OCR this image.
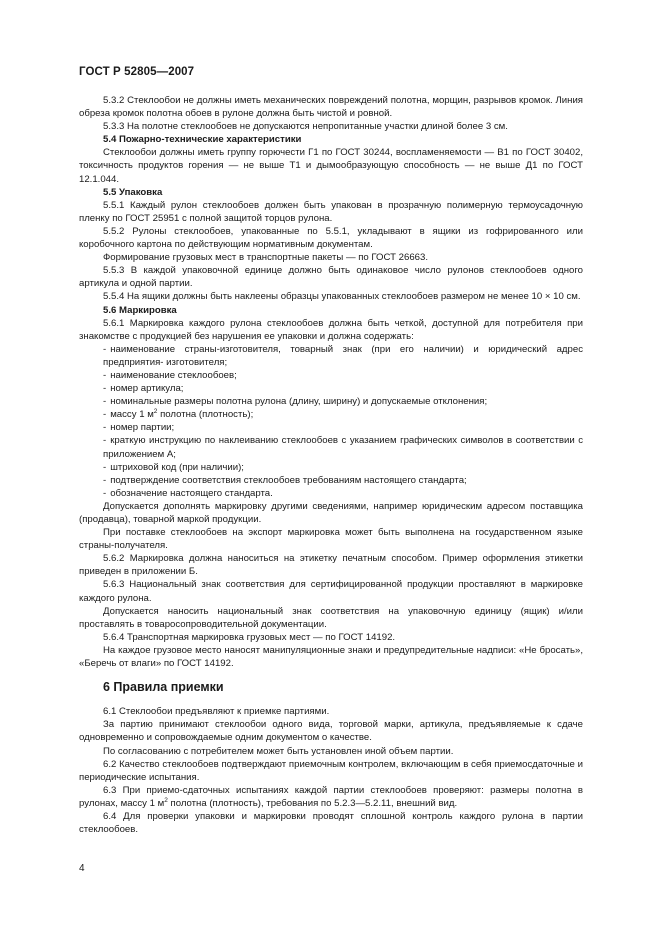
ГОСТ Р 52805—2007

5.3.2 Стеклообои не должны иметь механических повреждений полотна, морщин, разрывов кромок. Линия обреза кромок полотна обоев в рулоне должна быть чистой и ровной.

5.3.3 На полотне стеклообоев не допускаются непропитанные участки длиной более 3 см.

5.4 Пожарно-технические характеристики

Стеклообои должны иметь группу горючести Г1 по ГОСТ 30244, воспламеняемости — В1 по ГОСТ 30402, токсичность продуктов горения — не выше Т1 и дымообразующую способность — не выше Д1 по ГОСТ 12.1.044.

5.5 Упаковка

5.5.1 Каждый рулон стеклообоев должен быть упакован в прозрачную полимерную термоусадочную пленку по ГОСТ 25951 с полной защитой торцов рулона.

5.5.2 Рулоны стеклообоев, упакованные по 5.5.1, укладывают в ящики из гофрированного или коробочного картона по действующим нормативным документам.

Формирование грузовых мест в транспортные пакеты — по ГОСТ 26663.

5.5.3 В каждой упаковочной единице должно быть одинаковое число рулонов стеклообоев одного артикула и одной партии.

5.5.4 На ящики должны быть наклеены образцы упакованных стеклообоев размером не менее 10 × 10 см.

5.6 Маркировка

5.6.1 Маркировка каждого рулона стеклообоев должна быть четкой, доступной для потребителя при знакомстве с продукцией без нарушения ее упаковки и должна содержать:

- наименование страны-изготовителя, товарный знак (при его наличии) и юридический адрес предприятия- изготовителя;

- наименование стеклообоев;

- номер артикула;

- номинальные размеры полотна рулона (длину, ширину) и допускаемые отклонения;

- массу 1 $м^2$ полотна (плотность);

- номер партии;

- краткую инструкцию по наклеиванию стеклообоев с указанием графических символов в соответствии с приложением А;

- штриховой код (при наличии);

- подтверждение соответствия стеклообоев требованиям настоящего стандарта;

- обозначение настоящего стандарта.

Допускается дополнять маркировку другими сведениями, например юридическим адресом поставщика (продавца), товарной маркой продукции.

При поставке стеклообоев на экспорт маркировка может быть выполнена на государственном языке страны-получателя.

5.6.2 Маркировка должна наноситься на этикетку печатным способом. Пример оформления этикетки приведен в приложении Б.

5.6.3 Национальный знак соответствия для сертифицированной продукции проставляют в маркировке каждого рулона.

Допускается наносить национальный знак соответствия на упаковочную единицу (ящик) и/или проставлять в товаросопроводительной документации.

5.6.4 Транспортная маркировка грузовых мест — по ГОСТ 14192.

На каждое грузовое место наносят манипуляционные знаки и предупредительные надписи: «Не бросать», «Беречь от влаги» по ГОСТ 14192.

6 Правила приемки

6.1 Стеклообои предъявляют к приемке партиями.

За партию принимают стеклообои одного вида, торговой марки, артикула, предъявляемые к сдаче одновременно и сопровождаемые одним документом о качестве.

По согласованию с потребителем может быть установлен иной объем партии.

6.2 Качество стеклообоев подтверждают приемочным контролем, включающим в себя приемосдаточные и периодические испытания.

6.3 При приемо-сдаточных испытаниях каждой партии стеклообоев проверяют: размеры полотна в рулонах, массу 1 $м^2$ полотна (плотность), требования по 5.2.3—5.2.11, внешний вид.

6.4 Для проверки упаковки и маркировки проводят сплошной контроль каждого рулона в партии стеклообоев.

4
